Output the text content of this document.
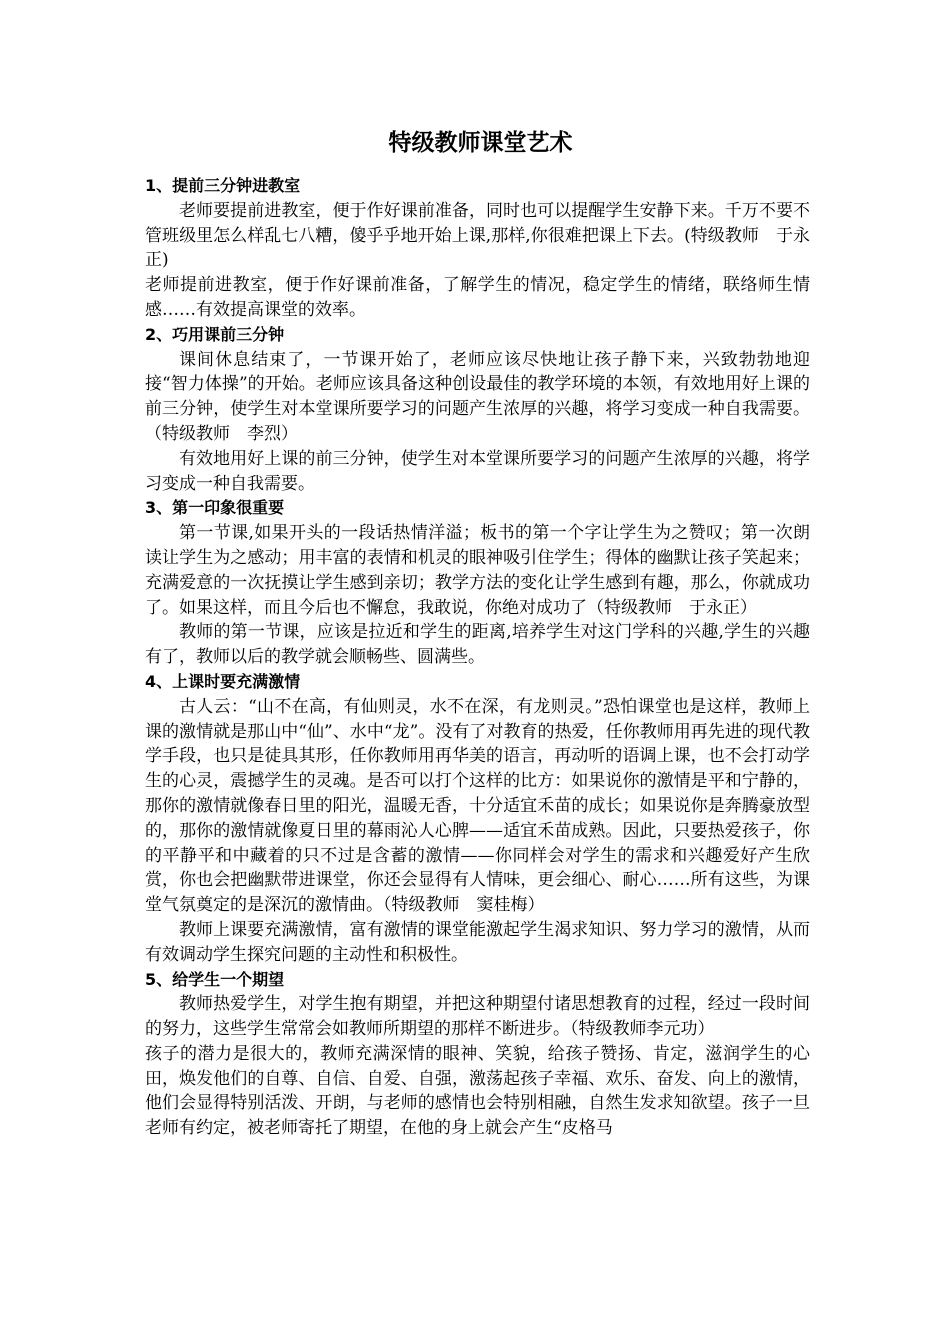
特级教师课堂艺术
1、提前三分钟进教室

老师要提前进教室，便于作好课前准备，同时也可以提醒学生安静下来。千万不要不管班级里怎么样乱七八糟，傻乎乎地开始上课,那样,你很难把课上下去。(特级教师　于永正)

老师提前进教室，便于作好课前准备，了解学生的情况，稳定学生的情绪，联络师生情感……有效提高课堂的效率。

2、巧用课前三分钟

课间休息结束了，一节课开始了，老师应该尽快地让孩子静下来，兴致勃勃地迎接“智力体操”的开始。老师应该具备这种创设最佳的教学环境的本领，有效地用好上课的前三分钟，使学生对本堂课所要学习的问题产生浓厚的兴趣，将学习变成一种自我需要。（特级教师　李烈）

有效地用好上课的前三分钟，使学生对本堂课所要学习的问题产生浓厚的兴趣，将学习变成一种自我需要。

3、第一印象很重要

第一节课,如果开头的一段话热情洋溢；板书的第一个字让学生为之赞叹；第一次朗读让学生为之感动；用丰富的表情和机灵的眼神吸引住学生；得体的幽默让孩子笑起来；充满爱意的一次抚摸让学生感到亲切；教学方法的变化让学生感到有趣，那么，你就成功了。如果这样，而且今后也不懈怠，我敢说，你绝对成功了（特级教师　于永正）

教师的第一节课，应该是拉近和学生的距离,培养学生对这门学科的兴趣,学生的兴趣有了，教师以后的教学就会顺畅些、圆满些。

4、上课时要充满激情

古人云：“山不在高，有仙则灵，水不在深，有龙则灵。”恐怕课堂也是这样，教师上课的激情就是那山中“仙”、水中“龙”。没有了对教育的热爱，任你教师用再先进的现代教学手段，也只是徒具其形，任你教师用再华美的语言，再动听的语调上课，也不会打动学生的心灵，震撼学生的灵魂。是否可以打个这样的比方：如果说你的激情是平和宁静的，那你的激情就像春日里的阳光，温暖无香，十分适宜禾苗的成长；如果说你是奔腾豪放型的，那你的激情就像夏日里的幕雨沁人心脾——适宜禾苗成熟。因此，只要热爱孩子，你的平静平和中藏着的只不过是含蓄的激情——你同样会对学生的需求和兴趣爱好产生欣赏，你也会把幽默带进课堂，你还会显得有人情味，更会细心、耐心……所有这些，为课堂气氛奠定的是深沉的激情曲。（特级教师　窦桂梅）

教师上课要充满激情，富有激情的课堂能激起学生渴求知识、努力学习的激情，从而有效调动学生探究问题的主动性和积极性。

5、给学生一个期望

教师热爱学生，对学生抱有期望，并把这种期望付诸思想教育的过程，经过一段时间的努力，这些学生常常会如教师所期望的那样不断进步。（特级教师李元功）

孩子的潜力是很大的，教师充满深情的眼神、笑貌，给孩子赞扬、肯定，滋润学生的心田，焕发他们的自尊、自信、自爱、自强，激荡起孩子幸福、欢乐、奋发、向上的激情，他们会显得特别活泼、开朗，与老师的感情也会特别相融，自然生发求知欲望。孩子一旦老师有约定，被老师寄托了期望，在他的身上就会产生“皮格马
